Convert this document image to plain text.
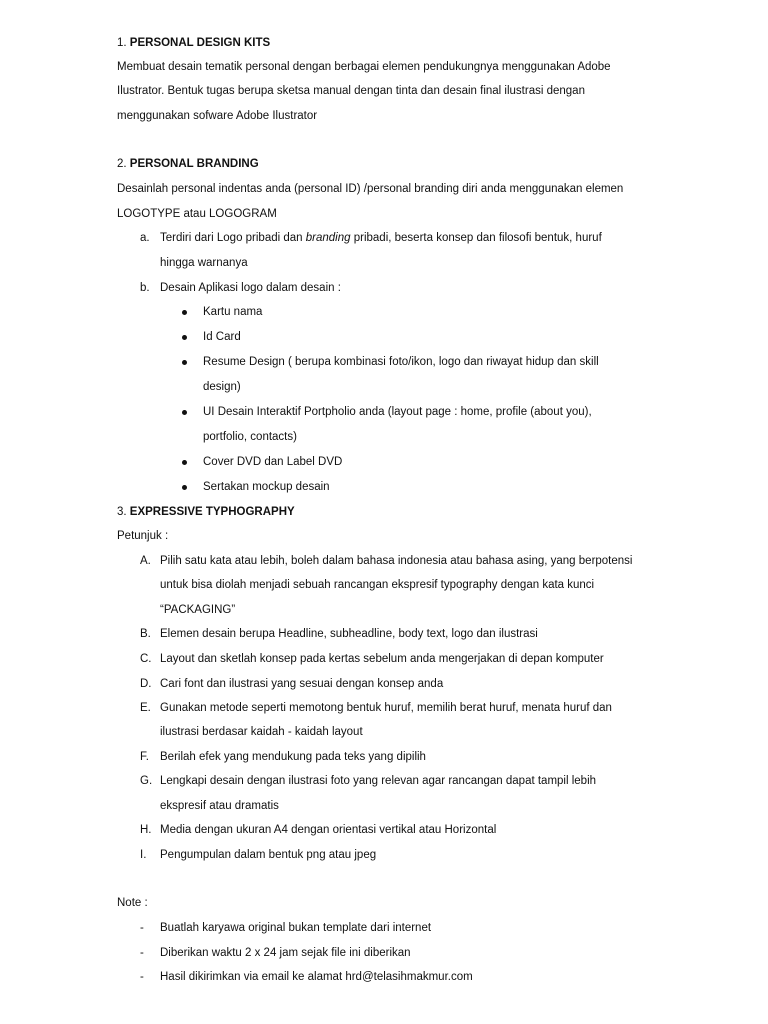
1. PERSONAL DESIGN KITS
Membuat desain tematik personal dengan berbagai elemen pendukungnya menggunakan Adobe
Ilustrator. Bentuk tugas berupa sketsa manual dengan tinta dan desain final ilustrasi dengan
menggunakan sofware Adobe Ilustrator
2. PERSONAL BRANDING
Desainlah personal indentas anda (personal ID) /personal branding diri anda menggunakan elemen
LOGOTYPE atau LOGOGRAM
a. Terdiri dari Logo pribadi dan branding pribadi, beserta konsep dan filosofi bentuk, huruf
hingga warnanya
b. Desain Aplikasi logo dalam desain :
Kartu nama
Id Card
Resume Design ( berupa kombinasi foto/ikon, logo dan riwayat hidup dan skill
design)
UI Desain Interaktif Portpholio anda (layout page : home, profile (about you),
portfolio, contacts)
Cover DVD dan Label DVD
Sertakan mockup desain
3. EXPRESSIVE TYPHOGRAPHY
Petunjuk :
A. Pilih satu kata atau lebih, boleh dalam bahasa indonesia atau bahasa asing, yang berpotensi
untuk bisa diolah menjadi sebuah rancangan ekspresif typography dengan kata kunci
“PACKAGING”
B. Elemen desain berupa Headline, subheadline, body text, logo dan ilustrasi
C. Layout dan sketlah konsep pada kertas sebelum anda mengerjakan di depan komputer
D. Cari font dan ilustrasi yang sesuai dengan konsep anda
E. Gunakan metode seperti memotong bentuk huruf, memilih berat huruf, menata huruf dan
ilustrasi berdasar kaidah - kaidah layout
F. Berilah efek yang mendukung pada teks yang dipilih
G. Lengkapi desain dengan ilustrasi foto yang relevan agar rancangan dapat tampil lebih
ekspresif atau dramatis
H. Media dengan ukuran A4 dengan orientasi vertikal atau Horizontal
I. Pengumpulan dalam bentuk png atau jpeg
Note :
- Buatlah karyawa original bukan template dari internet
- Diberikan waktu 2 x 24 jam sejak file ini diberikan
- Hasil dikirimkan via email ke alamat hrd@telasihmakmur.com
